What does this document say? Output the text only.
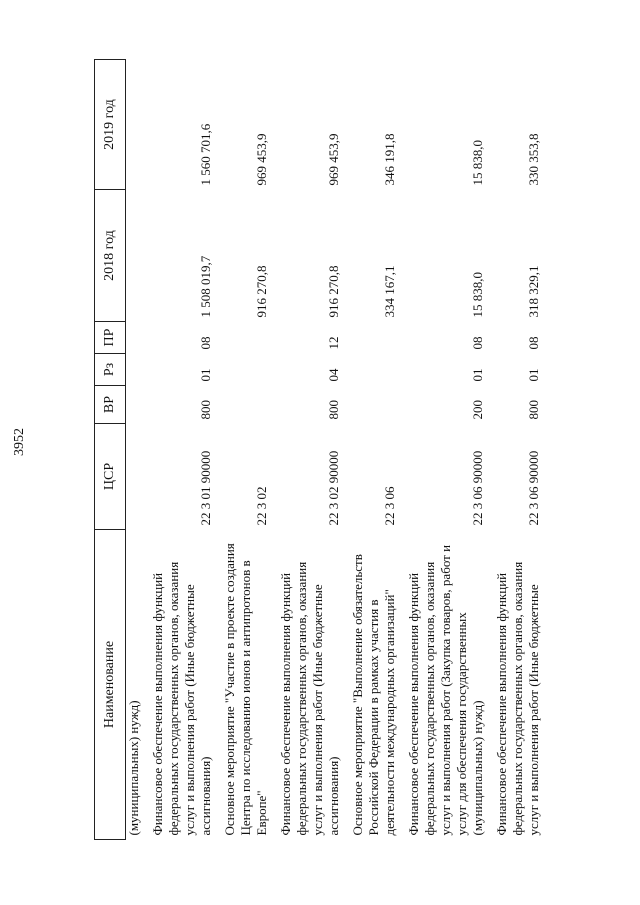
3952
Наименование	ЦСР	ВР	Рз	ПР	2018 год	2019 год
(муниципальных) нужд)						
Финансовое обеспечение выполнения функций федеральных государственных органов, оказания услуг и выполнения работ (Иные бюджетные ассигнования)	22 3 01 90000	800	01	08	1 508 019,7	1 560 701,6
Основное мероприятие "Участие в проекте создания Центра по исследованию ионов и антипротонов в Европе"	22 3 02				916 270,8	969 453,9
Финансовое обеспечение выполнения функций федеральных государственных органов, оказания услуг и выполнения работ (Иные бюджетные ассигнования)	22 3 02 90000	800	04	12	916 270,8	969 453,9
Основное мероприятие "Выполнение обязательств Российской Федерации в рамках участия в деятельности международных организаций"	22 3 06				334 167,1	346 191,8
Финансовое обеспечение выполнения функций федеральных государственных органов, оказания услуг и выполнения работ (Закупка товаров, работ и услуг для обеспечения государственных (муниципальных) нужд)	22 3 06 90000	200	01	08	15 838,0	15 838,0
Финансовое обеспечение выполнения функций федеральных государственных органов, оказания услуг и выполнения работ (Иные бюджетные	22 3 06 90000	800	01	08	318 329,1	330 353,8
